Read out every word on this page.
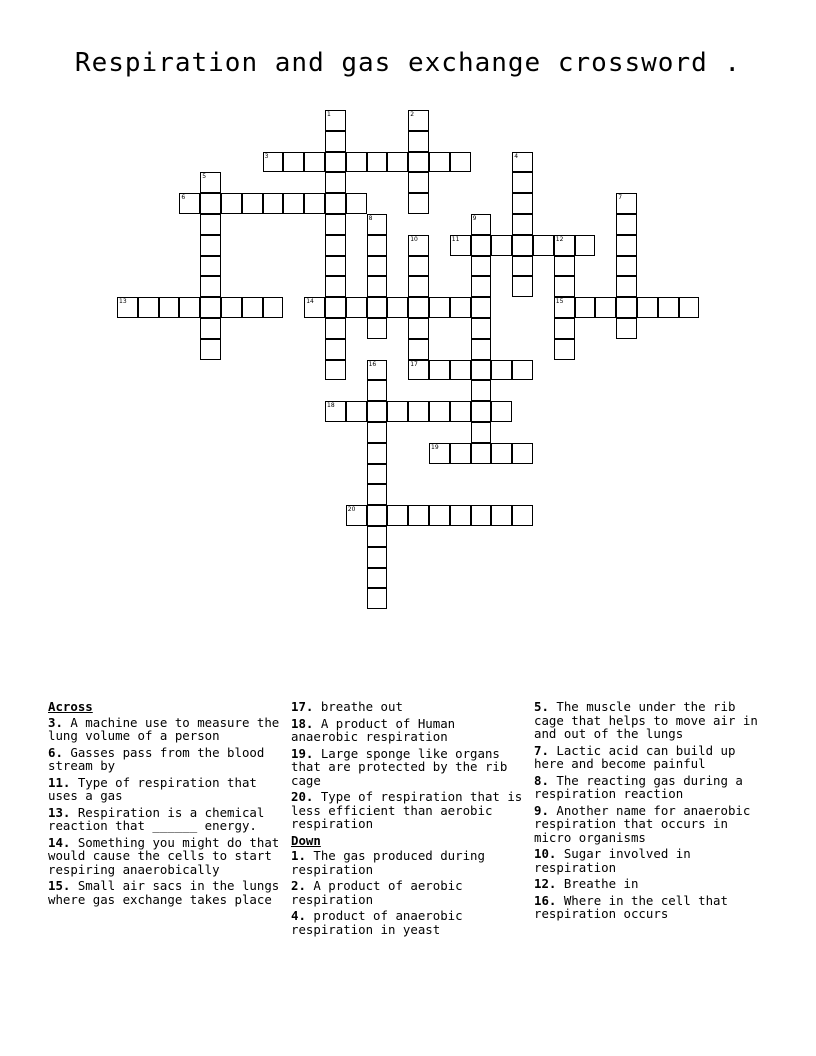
Respiration and gas exchange crossword .
1	2
3	4
5
6	7
8	9
10	11	12
15
13	14
16	17
18
19
20
Across
3. A machine use to measure the lung volume of a person
6. Gasses pass from the blood stream by
11. Type of respiration that uses a gas
13. Respiration is a chemical reaction that ______ energy.
14. Something you might do that would cause the cells to start respiring anaerobically
15. Small air sacs in the lungs where gas exchange takes place
17. breathe out
18. A product of Human anaerobic respiration
19. Large sponge like organs that are protected by the rib cage
20. Type of respiration that is less efficient than aerobic respiration
Down
1. The gas produced during respiration
2. A product of aerobic respiration
4. product of anaerobic respiration in yeast
5. The muscle under the rib cage that helps to move air in and out of the lungs
7. Lactic acid can build up here and become painful
8. The reacting gas during a respiration reaction
9. Another name for anaerobic respiration that occurs in micro organisms
10. Sugar involved in respiration
12. Breathe in
16. Where in the cell that respiration occurs
